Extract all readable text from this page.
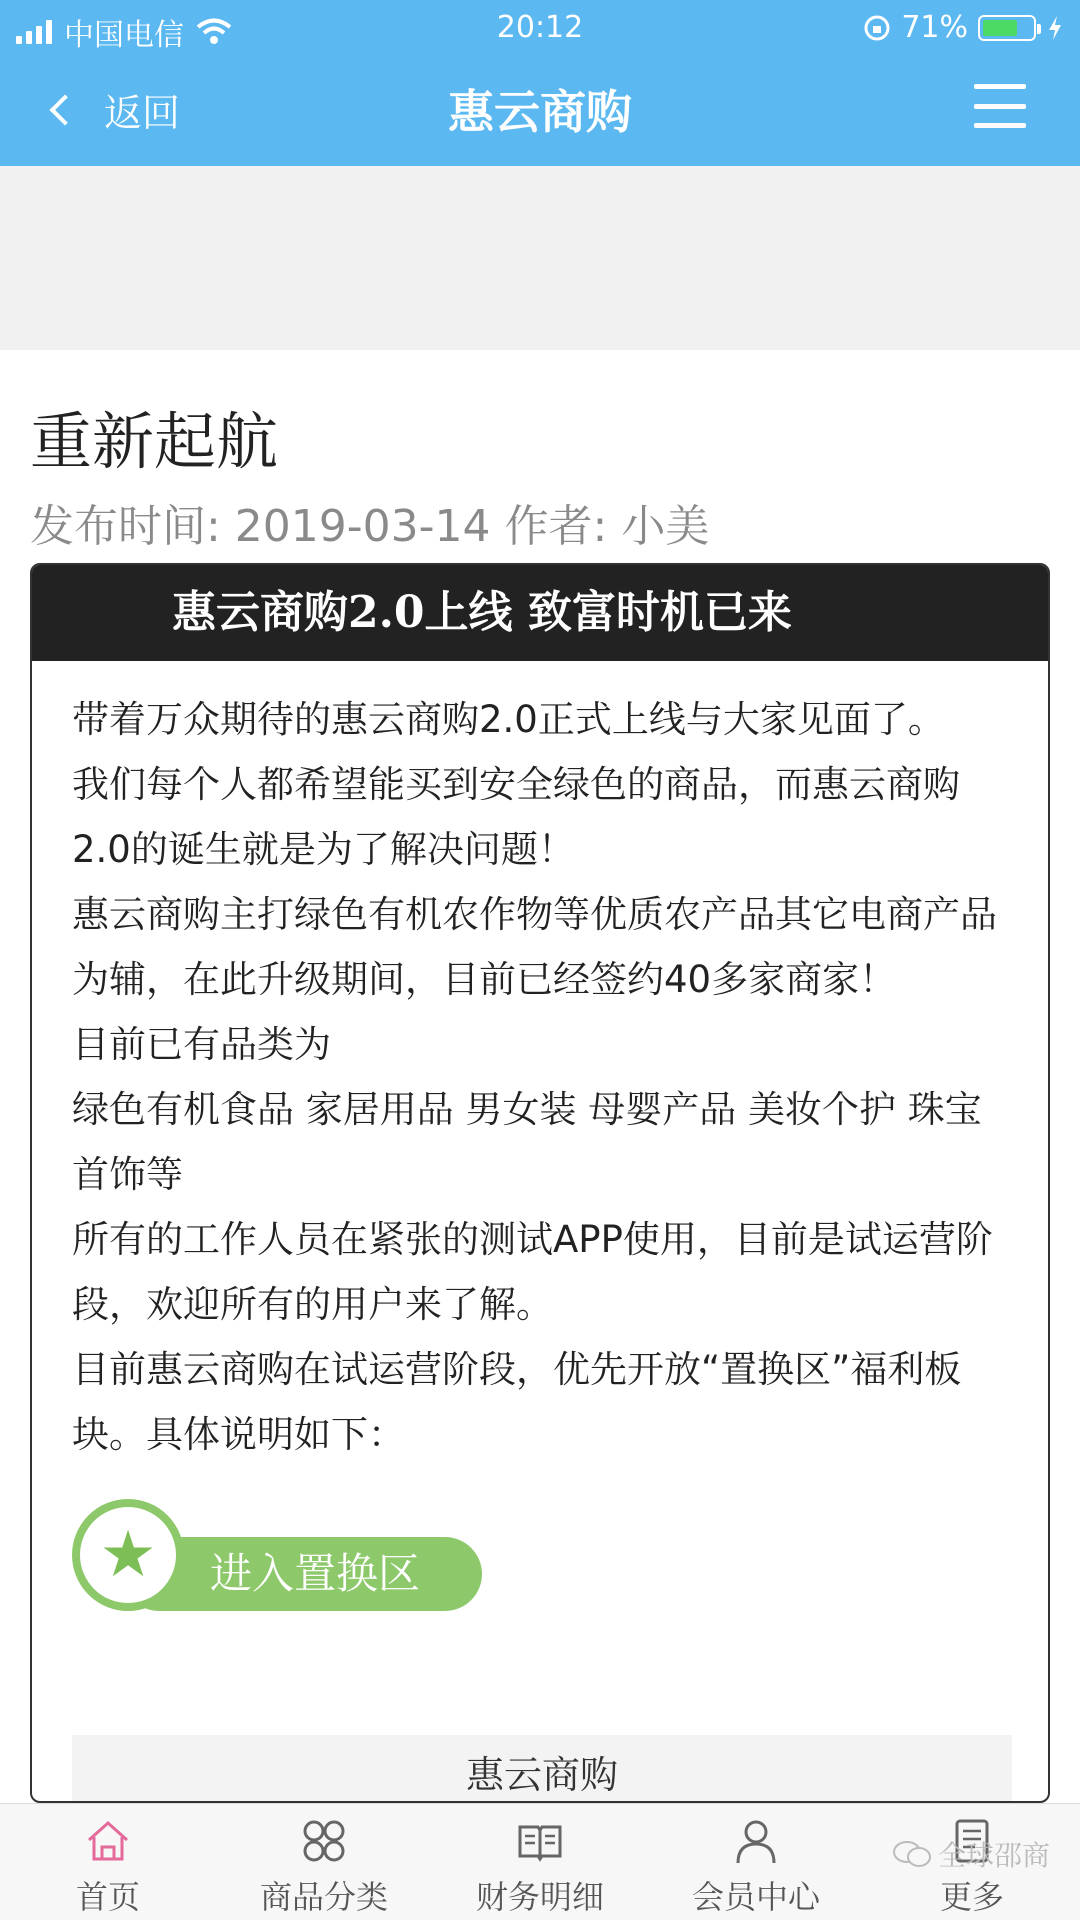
中国电信	20:12	71%
返回	惠云商购
重新起航
发布时间: 2019-03-14 作者: 小美
惠云商购2.0上线 致富时机已来

带着万众期待的惠云商购2.0正式上线与大家见面了。

我们每个人都希望能买到安全绿色的商品，而惠云商购2.0的诞生就是为了解决问题！

惠云商购主打绿色有机农作物等优质农产品其它电商产品为辅，在此升级期间，目前已经签约40多家商家！

目前已有品类为

绿色有机食品 家居用品 男女装 母婴产品 美妆个护 珠宝首饰等

所有的工作人员在紧张的测试APP使用，目前是试运营阶段，欢迎所有的用户来了解。

目前惠云商购在试运营阶段，优先开放“置换区”福利板块。具体说明如下：

进入置换区
★
惠云商购
首页	商品分类	财务明细	会员中心	更多
全球邵商
